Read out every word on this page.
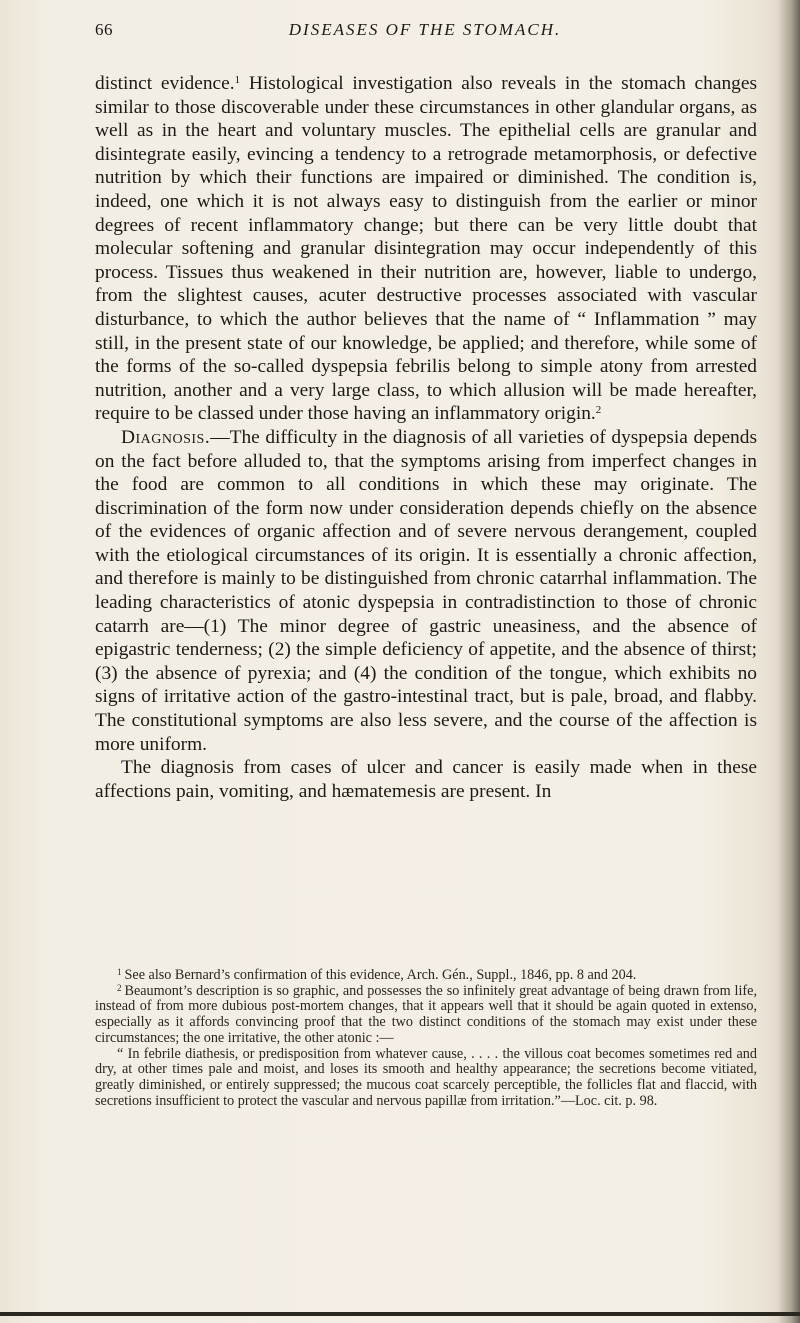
66	DISEASES OF THE STOMACH.

distinct evidence.$^1$ Histological investigation also reveals in the stomach changes similar to those discoverable under these circumstances in other glandular organs, as well as in the heart and voluntary muscles. The epithelial cells are granular and disintegrate easily, evincing a tendency to a retrograde metamorphosis, or defective nutrition by which their functions are impaired or diminished. The condition is, indeed, one which it is not always easy to distinguish from the earlier or minor degrees of recent inflammatory change; but there can be very little doubt that molecular softening and granular disintegration may occur independently of this process. Tissues thus weakened in their nutrition are, however, liable to undergo, from the slightest causes, acuter destructive processes associated with vascular disturbance, to which the author believes that the name of “ Inflammation ” may still, in the present state of our knowledge, be applied; and therefore, while some of the forms of the so-called dyspepsia febrilis belong to simple atony from arrested nutrition, another and a very large class, to which allusion will be made hereafter, require to be classed under those having an inflammatory origin.$^2$

Diagnosis.—The difficulty in the diagnosis of all varieties of dyspepsia depends on the fact before alluded to, that the symptoms arising from imperfect changes in the food are common to all conditions in which these may originate. The discrimination of the form now under consideration depends chiefly on the absence of the evidences of organic affection and of severe nervous derangement, coupled with the etiological circumstances of its origin. It is essentially a chronic affection, and therefore is mainly to be distinguished from chronic catarrhal inflammation. The leading characteristics of atonic dyspepsia in contradistinction to those of chronic catarrh are—(1) The minor degree of gastric uneasiness, and the absence of epigastric tenderness; (2) the simple deficiency of appetite, and the absence of thirst; (3) the absence of pyrexia; and (4) the condition of the tongue, which exhibits no signs of irritative action of the gastro-intestinal tract, but is pale, broad, and flabby. The constitutional symptoms are also less severe, and the course of the affection is more uniform.

The diagnosis from cases of ulcer and cancer is easily made when in these affections pain, vomiting, and hæmatemesis are present. In

$^1$ See also Bernard’s confirmation of this evidence, Arch. Gén., Suppl., 1846, pp. 8 and 204.

$^2$ Beaumont’s description is so graphic, and possesses the so infinitely great advantage of being drawn from life, instead of from more dubious post-mortem changes, that it appears well that it should be again quoted in extenso, especially as it affords convincing proof that the two distinct conditions of the stomach may exist under these circumstances; the one irritative, the other atonic :—

“ In febrile diathesis, or predisposition from whatever cause, . . . . the villous coat becomes sometimes red and dry, at other times pale and moist, and loses its smooth and healthy appearance; the secretions become vitiated, greatly diminished, or entirely suppressed; the mucous coat scarcely perceptible, the follicles flat and flaccid, with secretions insufficient to protect the vascular and nervous papillæ from irritation.”—Loc. cit. p. 98.
